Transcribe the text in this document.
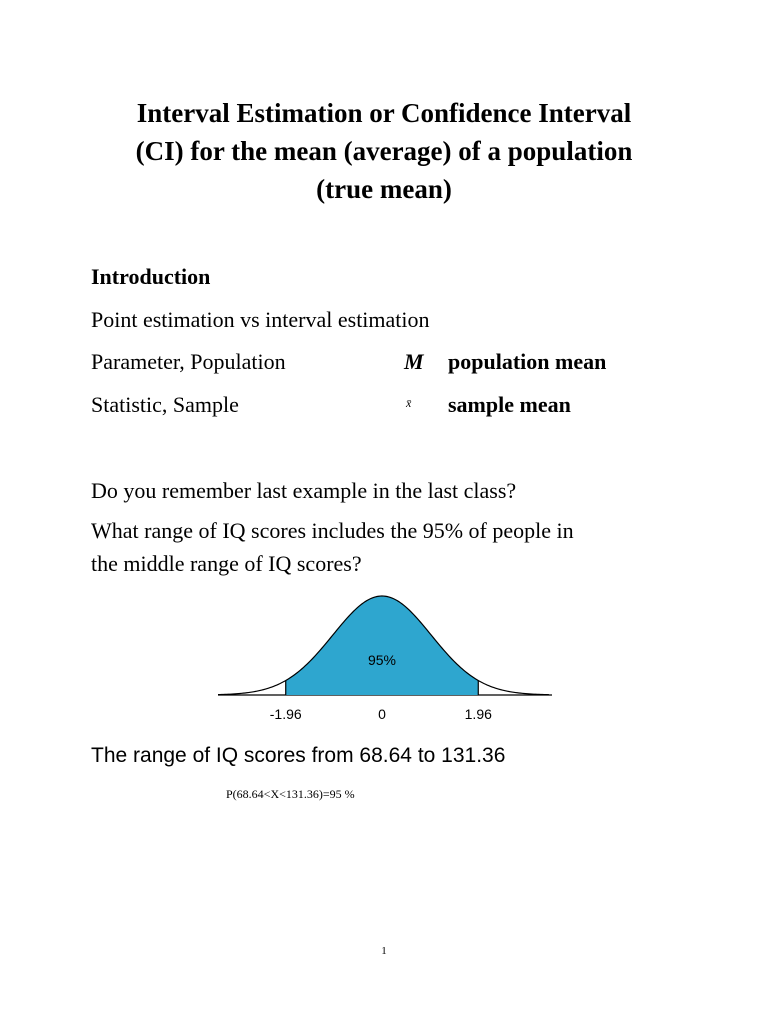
Interval Estimation or Confidence Interval
(CI) for the mean (average) of a population
(true mean)
Introduction
Point estimation vs interval estimation
Parameter, Population	M population mean
Statistic, Sample	x̄ sample mean
Do you remember last example in the last class?
What range of IQ scores includes the 95% of people in
the middle range of IQ scores?
95%
-1.96	0	1.96
The range of IQ scores from 68.64 to 131.36
P(68.64<X<131.36)=95 %
1
